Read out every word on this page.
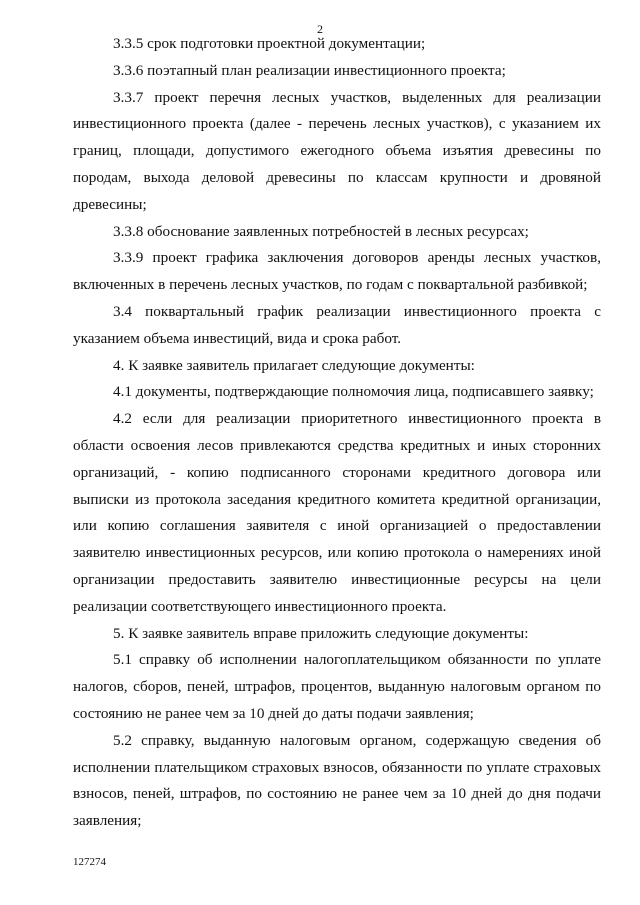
2

3.3.5 срок подготовки проектной документации;

3.3.6 поэтапный план реализации инвестиционного проекта;

3.3.7 проект перечня лесных участков, выделенных для реализации инвестиционного проекта (далее - перечень лесных участков), с указанием их границ, площади, допустимого ежегодного объема изъятия древесины по породам, выхода деловой древесины по классам крупности и дровяной древесины;

3.3.8 обоснование заявленных потребностей в лесных ресурсах;

3.3.9 проект графика заключения договоров аренды лесных участков, включенных в перечень лесных участков, по годам с поквартальной разбивкой;

3.4 поквартальный график реализации инвестиционного проекта с указанием объема инвестиций, вида и срока работ.

4. К заявке заявитель прилагает следующие документы:

4.1 документы, подтверждающие полномочия лица, подписавшего заявку;

4.2 если для реализации приоритетного инвестиционного проекта в области освоения лесов привлекаются средства кредитных и иных сторонних организаций, - копию подписанного сторонами кредитного договора или выписки из протокола заседания кредитного комитета кредитной организации, или копию соглашения заявителя с иной организацией о предоставлении заявителю инвестиционных ресурсов, или копию протокола о намерениях иной организации предоставить заявителю инвестиционные ресурсы на цели реализации соответствующего инвестиционного проекта.

5. К заявке заявитель вправе приложить следующие документы:

5.1 справку об исполнении налогоплательщиком обязанности по уплате налогов, сборов, пеней, штрафов, процентов, выданную налоговым органом по состоянию не ранее чем за 10 дней до даты подачи заявления;

5.2 справку, выданную налоговым органом, содержащую сведения об исполнении плательщиком страховых взносов, обязанности по уплате страховых взносов, пеней, штрафов, по состоянию не ранее чем за 10 дней до дня подачи заявления;

127274
